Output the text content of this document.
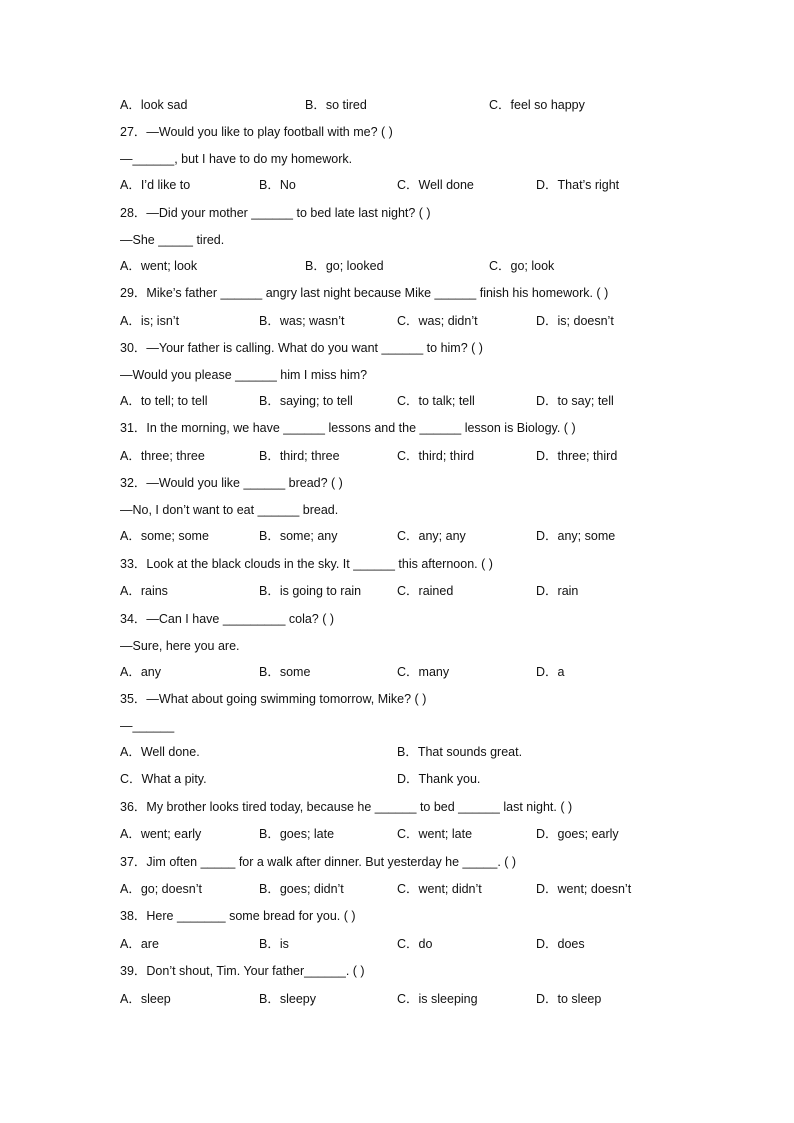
A．look sad	B．so tired	C．feel so happy
27．—Would you like to play football with me? ( )
—______, but I have to do my homework.
A．I’d like to	B．No	C．Well done	D．That’s right
28．—Did your mother ______ to bed late last night? ( )
—She _____ tired.
A．went; look	B．go; looked	C．go; look
29．Mike’s father ______ angry last night because Mike ______ finish his homework. ( )
A．is; isn’t	B．was; wasn’t	C．was; didn’t	D．is; doesn’t
30．—Your father is calling. What do you want ______ to him? ( )
—Would you please ______ him I miss him?
A．to tell; to tell	B．saying; to tell	C．to talk; tell	D．to say; tell
31．In the morning, we have ______ lessons and the ______ lesson is Biology. ( )
A．three; three	B．third; three	C．third; third	D．three; third
32．—Would you like ______ bread? ( )
—No, I don’t want to eat ______ bread.
A．some; some	B．some; any	C．any; any	D．any; some
33．Look at the black clouds in the sky. It ______ this afternoon. ( )
A．rains	B．is going to rain	C．rained	D．rain
34．—Can I have _________ cola? ( )
—Sure, here you are.
A．any	B．some	C．many	D．a
35．—What about going swimming tomorrow, Mike? ( )
—______
A．Well done.	B．That sounds great.
C．What a pity.	D．Thank you.
36．My brother looks tired today, because he ______ to bed ______ last night. ( )
A．went; early	B．goes; late	C．went; late	D．goes; early
37．Jim often _____ for a walk after dinner. But yesterday he _____. ( )
A．go; doesn’t	B．goes; didn’t	C．went; didn’t	D．went; doesn’t
38．Here _______ some bread for you. ( )
A．are	B．is	C．do	D．does
39．Don’t shout, Tim. Your father______. ( )
A．sleep	B．sleepy	C．is sleeping	D．to sleep
